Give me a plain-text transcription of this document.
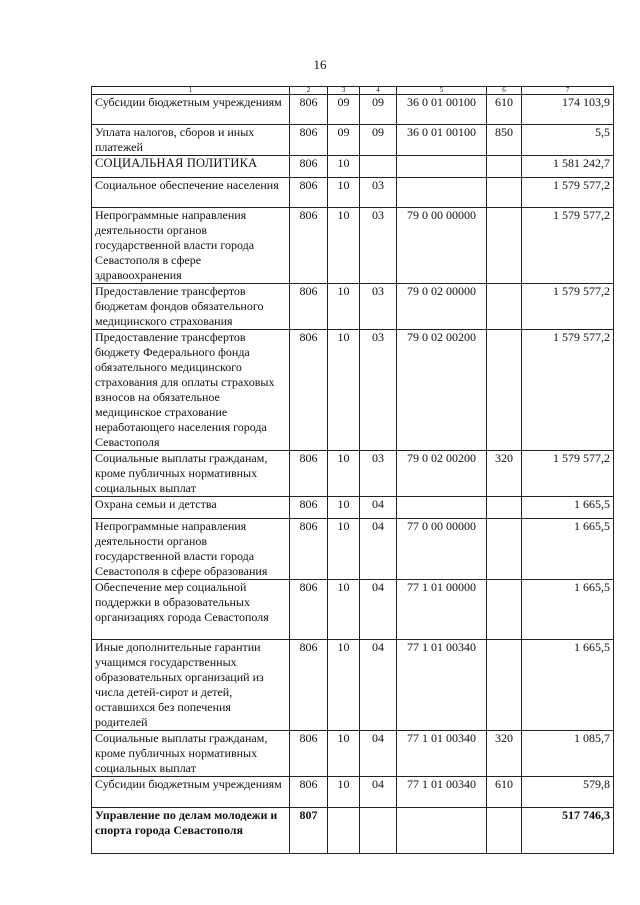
16
1	2	3	4	5	6	7
Субсидии бюджетным учреждениям	806	09	09	36 0 01 00100	610	174 103,9
Уплата налогов, сборов и иных платежей	806	09	09	36 0 01 00100	850	5,5
СОЦИАЛЬНАЯ ПОЛИТИКА	806	10				1 581 242,7
Социальное обеспечение населения	806	10	03			1 579 577,2
Непрограммные направления деятельности органов государственной власти города Севастополя в сфере здравоохранения	806	10	03	79 0 00 00000		1 579 577,2
Предоставление трансфертов бюджетам фондов обязательного медицинского страхования	806	10	03	79 0 02 00000		1 579 577,2
Предоставление трансфертов бюджету Федерального фонда обязательного медицинского страхования для оплаты страховых взносов на обязательное медицинское страхование неработающего населения города Севастополя	806	10	03	79 0 02 00200		1 579 577,2
Социальные выплаты гражданам, кроме публичных нормативных социальных выплат	806	10	03	79 0 02 00200	320	1 579 577,2
Охрана семьи и детства	806	10	04			1 665,5
Непрограммные направления деятельности органов государственной власти города Севастополя в сфере образования	806	10	04	77 0 00 00000		1 665,5
Обеспечение мер социальной поддержки в образовательных организациях города Севастополя	806	10	04	77 1 01 00000		1 665,5
Иные дополнительные гарантии учащимся государственных образовательных организаций из числа детей-сирот и детей, оставшихся без попечения родителей	806	10	04	77 1 01 00340		1 665,5
Социальные выплаты гражданам, кроме публичных нормативных социальных выплат	806	10	04	77 1 01 00340	320	1 085,7
Субсидии бюджетным учреждениям	806	10	04	77 1 01 00340	610	579,8
Управление по делам молодежи и спорта города Севастополя	807					517 746,3
